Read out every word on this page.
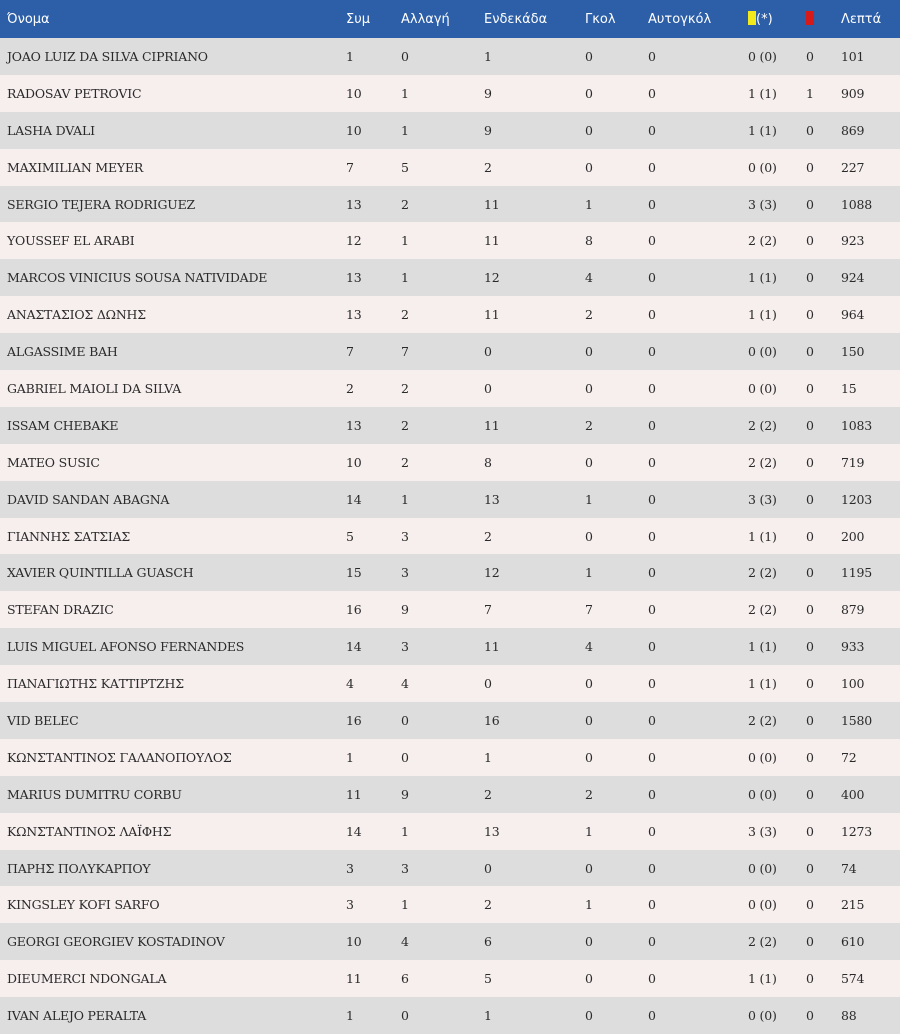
Όνομα	Συμ	Αλλαγή	Ενδεκάδα	Γκολ	Αυτογκόλ	(*)		Λεπτά
JOAO LUIZ DA SILVA CIPRIANO	1	0	1	0	0	0 (0)	0	101
RADOSAV PETROVIC	10	1	9	0	0	1 (1)	1	909
LASHA DVALI	10	1	9	0	0	1 (1)	0	869
MAXIMILIAN MEYER	7	5	2	0	0	0 (0)	0	227
SERGIO TEJERA RODRIGUEZ	13	2	11	1	0	3 (3)	0	1088
YOUSSEF EL ARABI	12	1	11	8	0	2 (2)	0	923
MARCOS VINICIUS SOUSA NATIVIDADE	13	1	12	4	0	1 (1)	0	924
ΑΝΑΣΤΑΣΙΟΣ ΔΩΝΗΣ	13	2	11	2	0	1 (1)	0	964
ALGASSIME BAH	7	7	0	0	0	0 (0)	0	150
GABRIEL MAIOLI DA SILVA	2	2	0	0	0	0 (0)	0	15
ISSAM CHEBAKE	13	2	11	2	0	2 (2)	0	1083
MATEO SUSIC	10	2	8	0	0	2 (2)	0	719
DAVID SANDAN ABAGNA	14	1	13	1	0	3 (3)	0	1203
ΓΙΑΝΝΗΣ ΣΑΤΣΙΑΣ	5	3	2	0	0	1 (1)	0	200
XAVIER QUINTILLA GUASCH	15	3	12	1	0	2 (2)	0	1195
STEFAN DRAZIC	16	9	7	7	0	2 (2)	0	879
LUIS MIGUEL AFONSO FERNANDES	14	3	11	4	0	1 (1)	0	933
ΠΑΝΑΓΙΩΤΗΣ ΚΑΤΤΙΡΤΖΗΣ	4	4	0	0	0	1 (1)	0	100
VID BELEC	16	0	16	0	0	2 (2)	0	1580
ΚΩΝΣΤΑΝΤΙΝΟΣ ΓΑΛΑΝΟΠΟΥΛΟΣ	1	0	1	0	0	0 (0)	0	72
MARIUS DUMITRU CORBU	11	9	2	2	0	0 (0)	0	400
ΚΩΝΣΤΑΝΤΙΝΟΣ ΛΑΪΦΗΣ	14	1	13	1	0	3 (3)	0	1273
ΠΑΡΗΣ ΠΟΛΥΚΑΡΠΟΥ	3	3	0	0	0	0 (0)	0	74
KINGSLEY KOFI SARFO	3	1	2	1	0	0 (0)	0	215
GEORGI GEORGIEV KOSTADINOV	10	4	6	0	0	2 (2)	0	610
DIEUMERCI NDONGALA	11	6	5	0	0	1 (1)	0	574
IVAN ALEJO PERALTA	1	0	1	0	0	0 (0)	0	88
